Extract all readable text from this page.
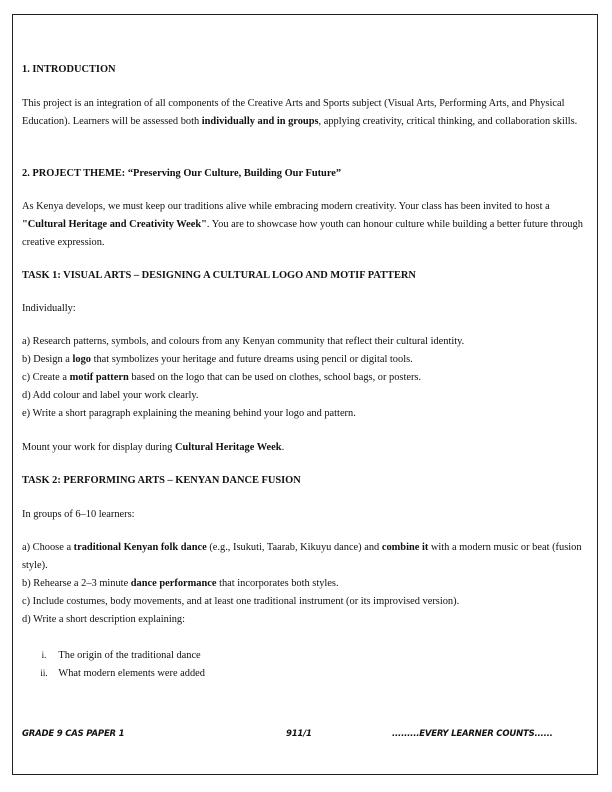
1. INTRODUCTION

This project is an integration of all components of the Creative Arts and Sports subject (Visual Arts, Performing Arts, and Physical Education). Learners will be assessed both individually and in groups, applying creativity, critical thinking, and collaboration skills.

2. PROJECT THEME: “Preserving Our Culture, Building Our Future”

As Kenya develops, we must keep our traditions alive while embracing modern creativity. Your class has been invited to host a "Cultural Heritage and Creativity Week". You are to showcase how youth can honour culture while building a better future through creative expression.

TASK 1: VISUAL ARTS – DESIGNING A CULTURAL LOGO AND MOTIF PATTERN

Individually:

a) Research patterns, symbols, and colours from any Kenyan community that reflect their cultural identity.

b) Design a logo that symbolizes your heritage and future dreams using pencil or digital tools.

c) Create a motif pattern based on the logo that can be used on clothes, school bags, or posters.

d) Add colour and label your work clearly.

e) Write a short paragraph explaining the meaning behind your logo and pattern.

Mount your work for display during Cultural Heritage Week.

TASK 2: PERFORMING ARTS – KENYAN DANCE FUSION

In groups of 6–10 learners:

a) Choose a traditional Kenyan folk dance (e.g., Isukuti, Taarab, Kikuyu dance) and combine it with a modern music or beat (fusion style).

b) Rehearse a 2–3 minute dance performance that incorporates both styles.

c) Include costumes, body movements, and at least one traditional instrument (or its improvised version).

d) Write a short description explaining:

i. The origin of the traditional dance
ii. What modern elements were added
GRADE 9 CAS PAPER 1	911/1	.........EVERY LEARNER COUNTS......
